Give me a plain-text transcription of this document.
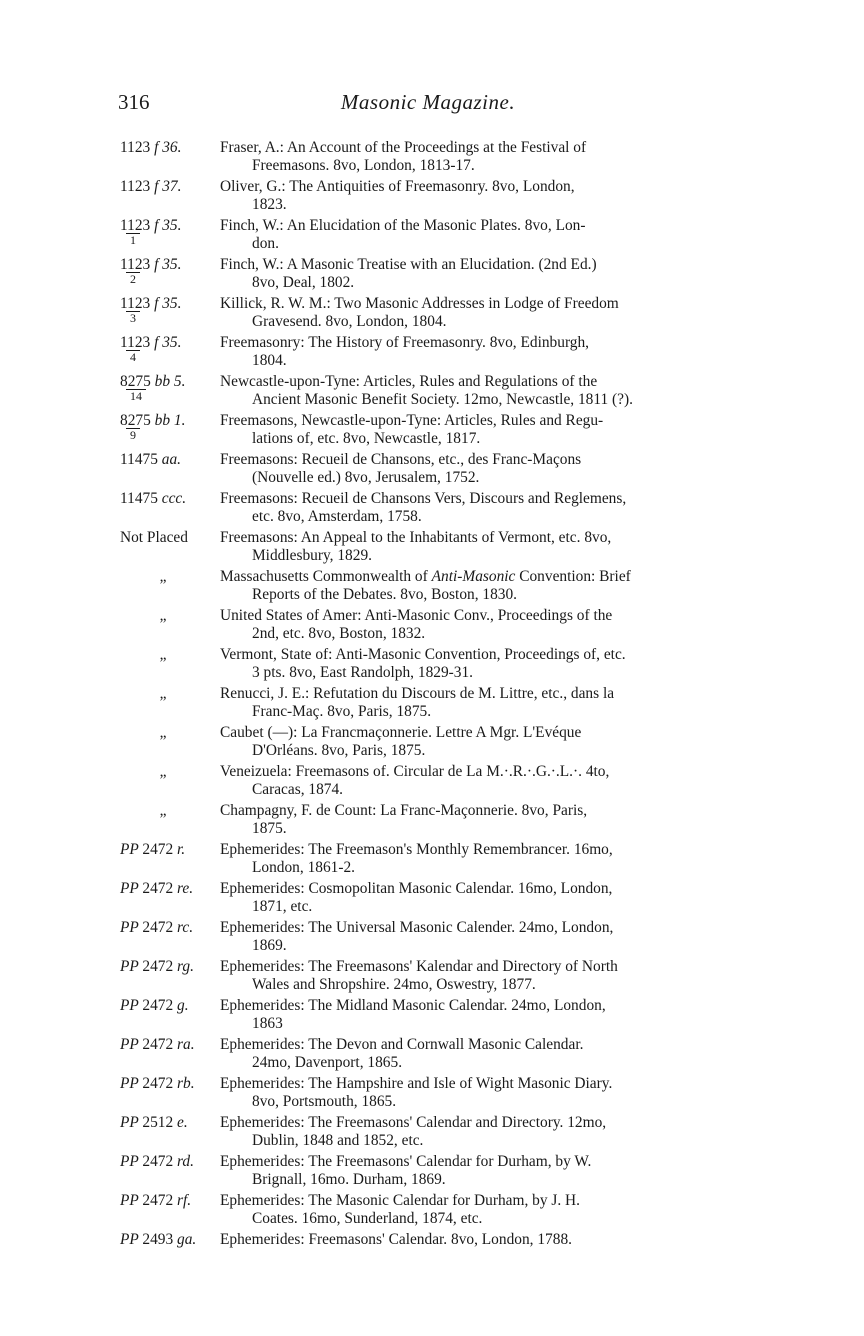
316	Masonic Magazine.
1123 f 36.	Fraser, A.: An Account of the Proceedings at the Festival of
Freemasons. 8vo, London, 1813-17.
1123 f 37.	Oliver, G.: The Antiquities of Freemasonry. 8vo, London,
1823.
$\frac{1123}{1}$ f 35.	Finch, W.: An Elucidation of the Masonic Plates. 8vo, Lon-
don.
$\frac{1123}{2}$ f 35.	Finch, W.: A Masonic Treatise with an Elucidation. (2nd Ed.)
8vo, Deal, 1802.
$\frac{1123}{3}$ f 35.	Killick, R. W. M.: Two Masonic Addresses in Lodge of Freedom
Gravesend. 8vo, London, 1804.
$\frac{1123}{4}$ f 35.	Freemasonry: The History of Freemasonry. 8vo, Edinburgh,
1804.
$\frac{8275}{14}$ bb 5.	Newcastle-upon-Tyne: Articles, Rules and Regulations of the
Ancient Masonic Benefit Society. 12mo, Newcastle, 1811 (?).
$\frac{8275}{9}$ bb 1.	Freemasons, Newcastle-upon-Tyne: Articles, Rules and Regu-
lations of, etc. 8vo, Newcastle, 1817.
11475 aa.	Freemasons: Recueil de Chansons, etc., des Franc-Maçons
(Nouvelle ed.) 8vo, Jerusalem, 1752.
11475 ccc.	Freemasons: Recueil de Chansons Vers, Discours and Reglemens,
etc. 8vo, Amsterdam, 1758.
Not Placed	Freemasons: An Appeal to the Inhabitants of Vermont, etc. 8vo,
Middlesbury, 1829.
„	Massachusetts Commonwealth of Anti-Masonic Convention: Brief
Reports of the Debates. 8vo, Boston, 1830.
„	United States of Amer: Anti-Masonic Conv., Proceedings of the
2nd, etc. 8vo, Boston, 1832.
„	Vermont, State of: Anti-Masonic Convention, Proceedings of, etc.
3 pts. 8vo, East Randolph, 1829-31.
„	Renucci, J. E.: Refutation du Discours de M. Littre, etc., dans la
Franc-Maç. 8vo, Paris, 1875.
„	Caubet (—): La Francmaçonnerie. Lettre A Mgr. L'Evéque
D'Orléans. 8vo, Paris, 1875.
„	Veneizuela: Freemasons of. Circular de La M.·.R.·.G.·.L.·. 4to,
Caracas, 1874.
„	Champagny, F. de Count: La Franc-Maçonnerie. 8vo, Paris,
1875.
PP 2472 r.	Ephemerides: The Freemason's Monthly Remembrancer. 16mo,
London, 1861-2.
PP 2472 re.	Ephemerides: Cosmopolitan Masonic Calendar. 16mo, London,
1871, etc.
PP 2472 rc.	Ephemerides: The Universal Masonic Calender. 24mo, London,
1869.
PP 2472 rg.	Ephemerides: The Freemasons' Kalendar and Directory of North
Wales and Shropshire. 24mo, Oswestry, 1877.
PP 2472 g.	Ephemerides: The Midland Masonic Calendar. 24mo, London,
1863
PP 2472 ra.	Ephemerides: The Devon and Cornwall Masonic Calendar.
24mo, Davenport, 1865.
PP 2472 rb.	Ephemerides: The Hampshire and Isle of Wight Masonic Diary.
8vo, Portsmouth, 1865.
PP 2512 e.	Ephemerides: The Freemasons' Calendar and Directory. 12mo,
Dublin, 1848 and 1852, etc.
PP 2472 rd.	Ephemerides: The Freemasons' Calendar for Durham, by W.
Brignall, 16mo. Durham, 1869.
PP 2472 rf.	Ephemerides: The Masonic Calendar for Durham, by J. H.
Coates. 16mo, Sunderland, 1874, etc.
PP 2493 ga.	Ephemerides: Freemasons' Calendar. 8vo, London, 1788.
